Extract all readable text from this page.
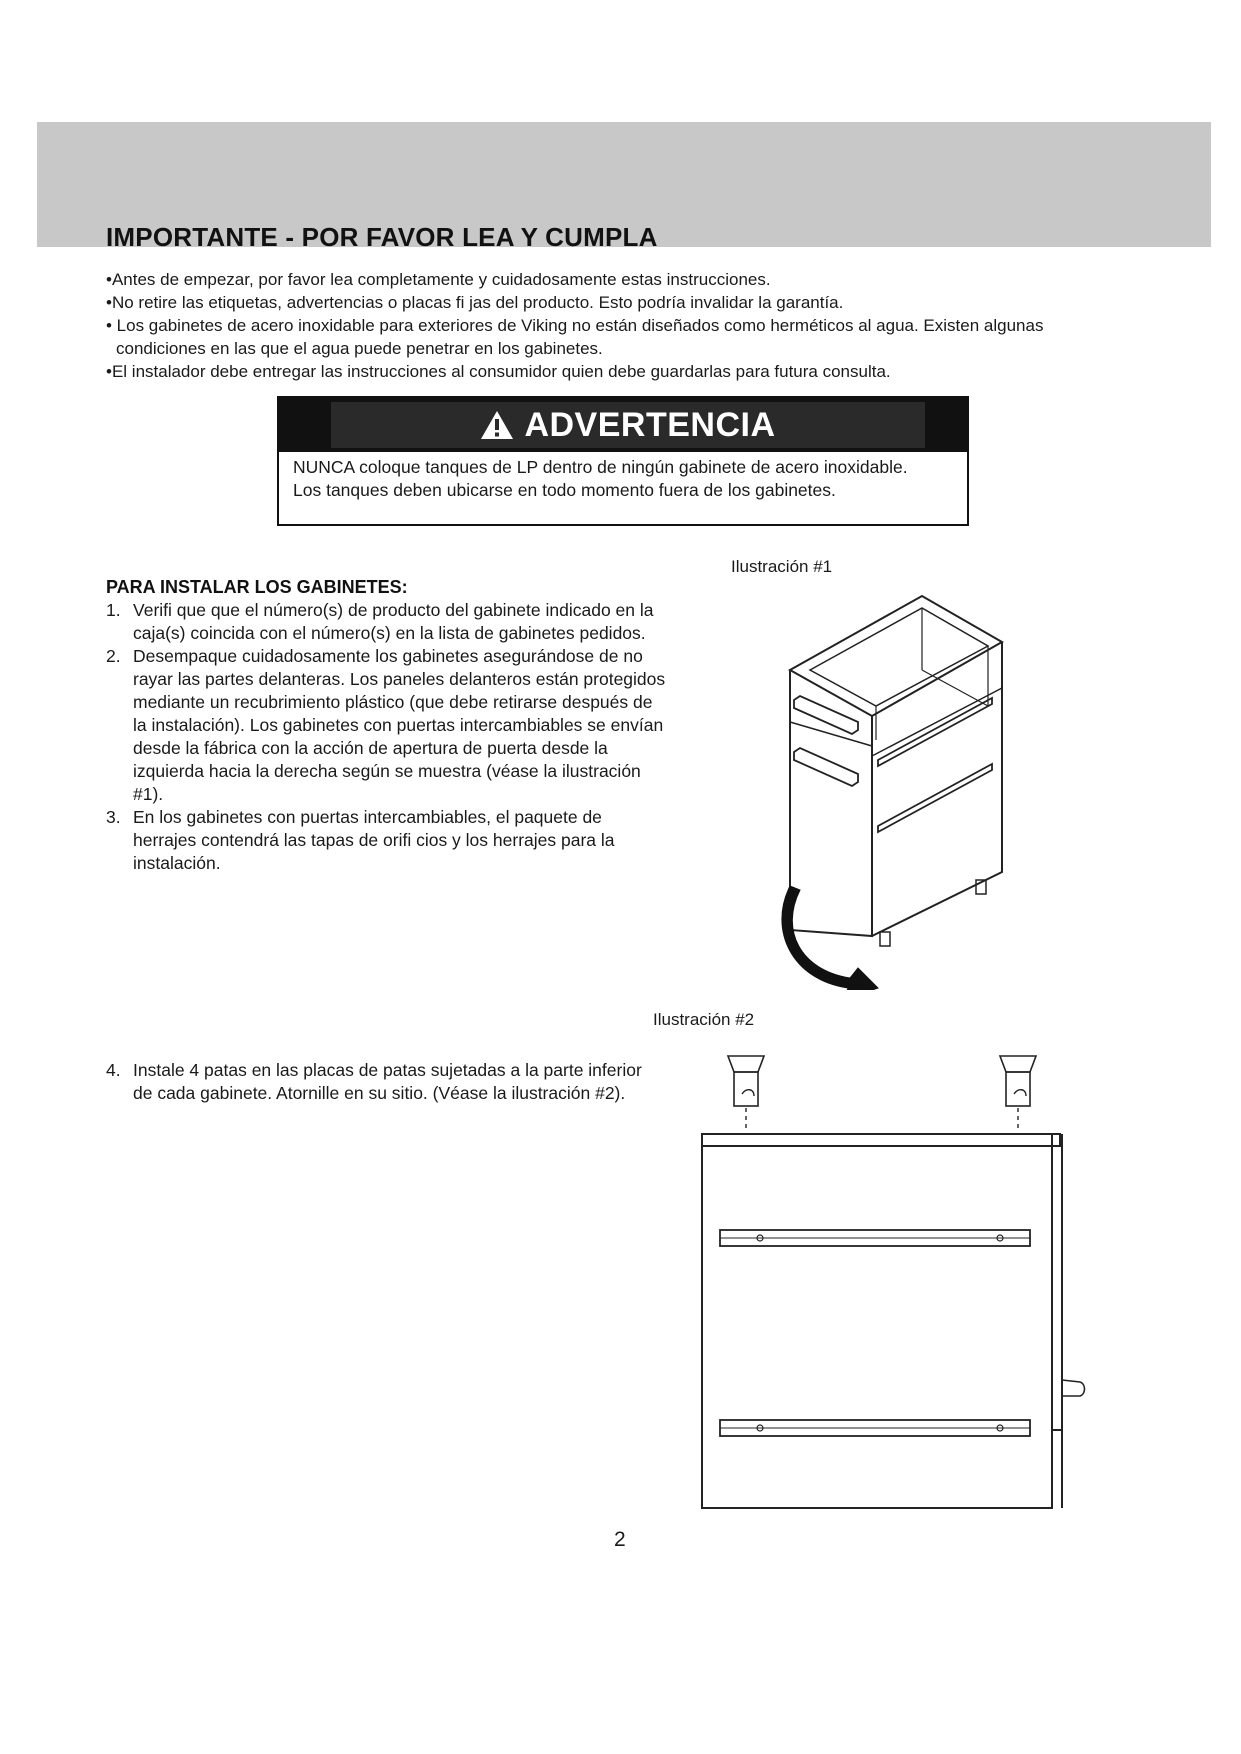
IMPORTANTE - POR FAVOR LEA Y CUMPLA
•Antes de empezar, por favor lea completamente y cuidadosamente estas instrucciones.
•No retire las etiquetas, advertencias o placas fi jas del producto. Esto podría invalidar la garantía.
• Los gabinetes de acero inoxidable para exteriores de Viking no están diseñados como herméticos al agua. Existen algunas condiciones en las que el agua puede penetrar en los gabinetes.
•El instalador debe entregar las instrucciones al consumidor quien debe guardarlas para futura consulta.
ADVERTENCIA

NUNCA coloque tanques de LP dentro de ningún gabinete de acero inoxidable. Los tanques deben ubicarse en todo momento fuera de los gabinetes.

PARA INSTALAR LOS GABINETES:
1. Verifi que que el número(s) de producto del gabinete indicado en la caja(s) coincida con el número(s) en la lista de gabinetes pedidos.
2. Desempaque cuidadosamente los gabinetes asegurándose de no rayar las partes delanteras. Los paneles delanteros están protegidos mediante un recubrimiento plástico (que debe retirarse después de la instalación). Los gabinetes con puertas intercambiables se envían desde la fábrica con la acción de apertura de puerta desde la izquierda hacia la derecha según se muestra (véase la ilustración #1).
3. En los gabinetes con puertas intercambiables, el paquete de herrajes contendrá las tapas de orifi cios y los herrajes para la instalación.
4. Instale 4 patas en las placas de patas sujetadas a la parte inferior de cada gabinete. Atornille en su sitio. (Véase la ilustración #2).
Ilustración #1
Ilustración #2
2
